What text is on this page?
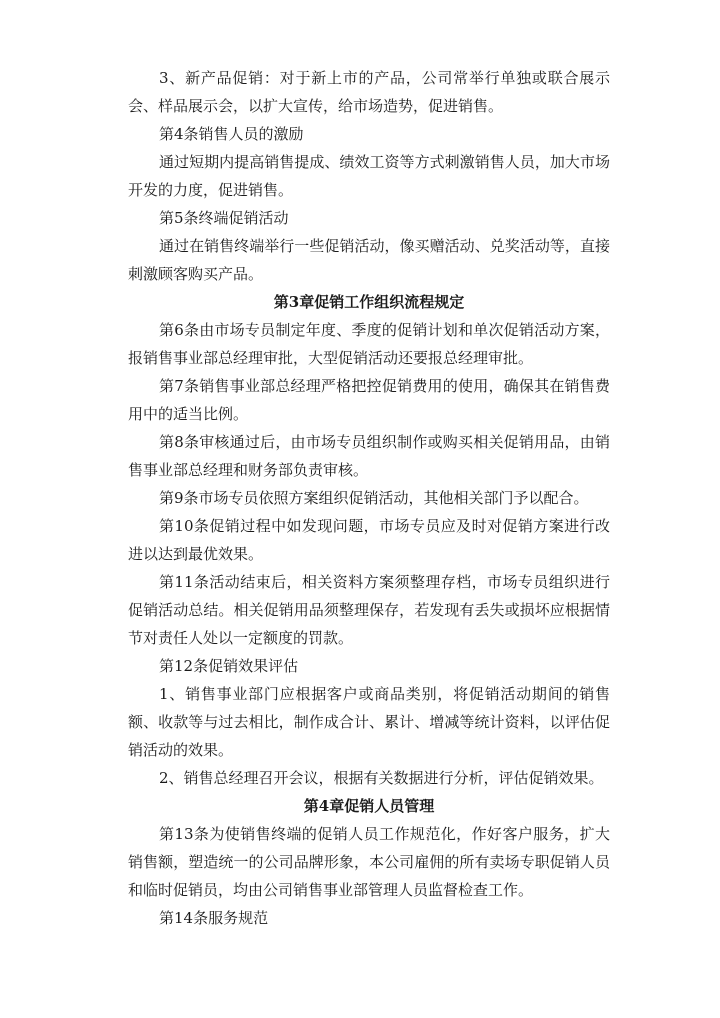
3、新产品促销：对于新上市的产品，公司常举行单独或联合展示会、样品展示会，以扩大宣传，给市场造势，促进销售。

第4条销售人员的激励

通过短期内提高销售提成、绩效工资等方式刺激销售人员，加大市场开发的力度，促进销售。

第5条终端促销活动

通过在销售终端举行一些促销活动，像买赠活动、兑奖活动等，直接刺激顾客购买产品。

第3章促销工作组织流程规定

第6条由市场专员制定年度、季度的促销计划和单次促销活动方案，报销售事业部总经理审批，大型促销活动还要报总经理审批。

第7条销售事业部总经理严格把控促销费用的使用，确保其在销售费用中的适当比例。

第8条审核通过后，由市场专员组织制作或购买相关促销用品，由销售事业部总经理和财务部负责审核。

第9条市场专员依照方案组织促销活动，其他相关部门予以配合。

第10条促销过程中如发现问题，市场专员应及时对促销方案进行改进以达到最优效果。

第11条活动结束后，相关资料方案须整理存档，市场专员组织进行促销活动总结。相关促销用品须整理保存，若发现有丢失或损坏应根据情节对责任人处以一定额度的罚款。

第12条促销效果评估

1、销售事业部门应根据客户或商品类别，将促销活动期间的销售额、收款等与过去相比，制作成合计、累计、增减等统计资料，以评估促销活动的效果。

2、销售总经理召开会议，根据有关数据进行分析，评估促销效果。

第4章促销人员管理

第13条为使销售终端的促销人员工作规范化，作好客户服务，扩大销售额，塑造统一的公司品牌形象，本公司雇佣的所有卖场专职促销人员和临时促销员，均由公司销售事业部管理人员监督检查工作。

第14条服务规范
